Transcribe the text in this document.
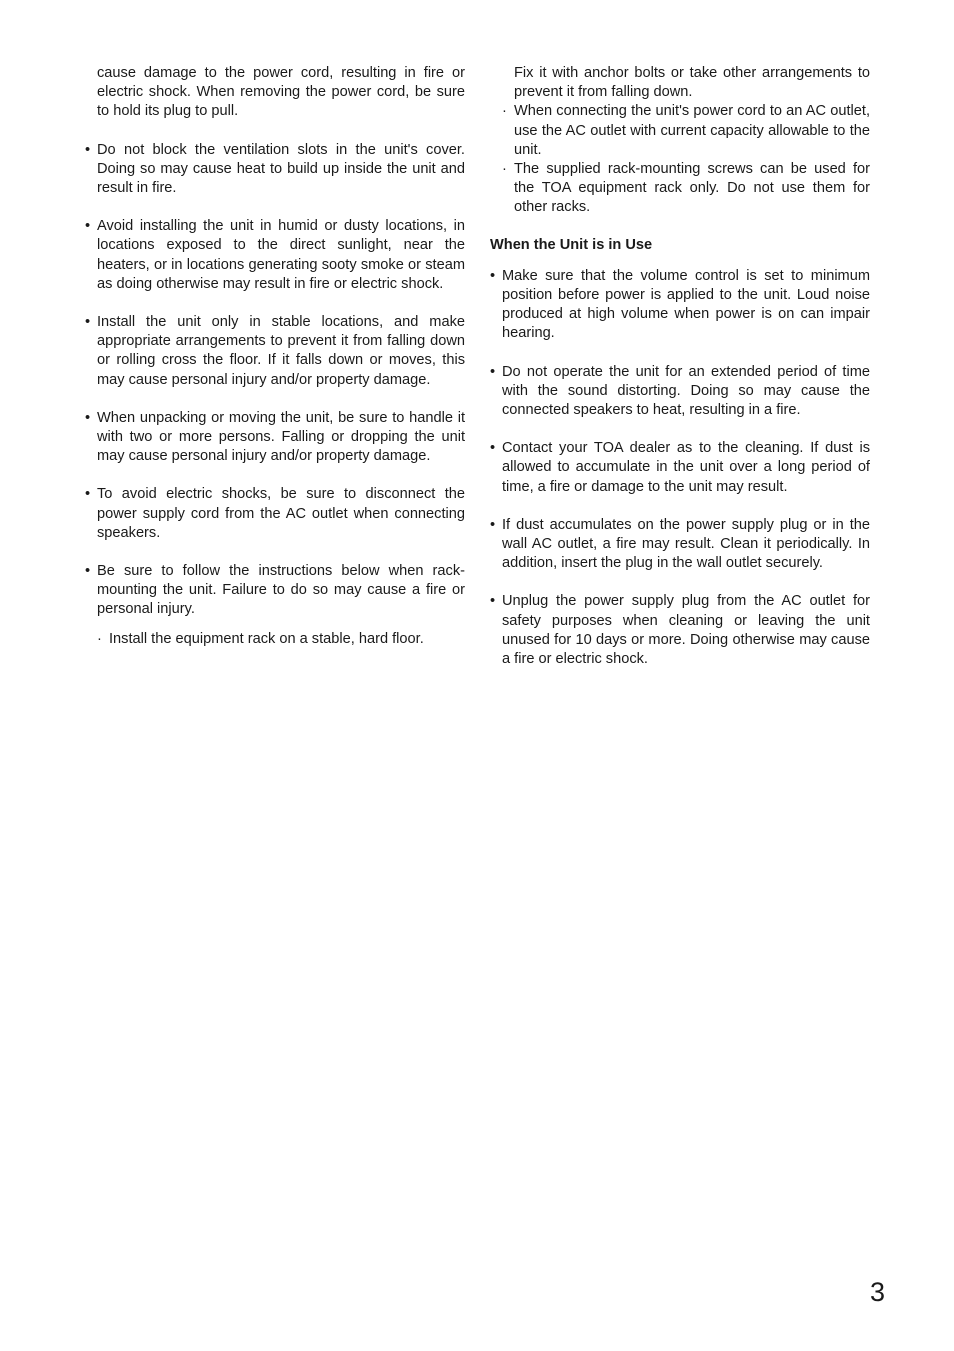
cause damage to the power cord, resulting in fire or electric shock. When removing the power cord, be sure to hold its plug to pull.

• Do not block the ventilation slots in the unit's cover. Doing so may cause heat to build up inside the unit and result in fire.
• Avoid installing the unit in humid or dusty locations, in locations exposed to the direct sunlight, near the heaters, or in locations generating sooty smoke or steam as doing otherwise may result in fire or electric shock.
• Install the unit only in stable locations, and make appropriate arrangements to prevent it from falling down or rolling cross the floor. If it falls down or moves, this may cause personal injury and/or property damage.
• When unpacking or moving the unit, be sure to handle it with two or more persons. Falling or dropping the unit may cause personal injury and/or property damage.
• To avoid electric shocks, be sure to disconnect the power supply cord from the AC outlet when connecting speakers.
• Be sure to follow the instructions below when rack-mounting the unit. Failure to do so may cause a fire or personal injury.
· Install the equipment rack on a stable, hard floor.

Fix it with anchor bolts or take other arrangements to prevent it from falling down.

· When connecting the unit's power cord to an AC outlet, use the AC outlet with current capacity allowable to the unit.
· The supplied rack-mounting screws can be used for the TOA equipment rack only. Do not use them for other racks.
When the Unit is in Use
• Make sure that the volume control is set to minimum position before power is applied to the unit. Loud noise produced at high volume when power is on can impair hearing.
• Do not operate the unit for an extended period of time with the sound distorting. Doing so may cause the connected speakers to heat, resulting in a fire.
• Contact your TOA dealer as to the cleaning. If dust is allowed to accumulate in the unit over a long period of time, a fire or damage to the unit may result.
• If dust accumulates on the power supply plug or in the wall AC outlet, a fire may result. Clean it periodically. In addition, insert the plug in the wall outlet securely.
• Unplug the power supply plug from the AC outlet for safety purposes when cleaning or leaving the unit unused for 10 days or more. Doing otherwise may cause a fire or electric shock.
3
